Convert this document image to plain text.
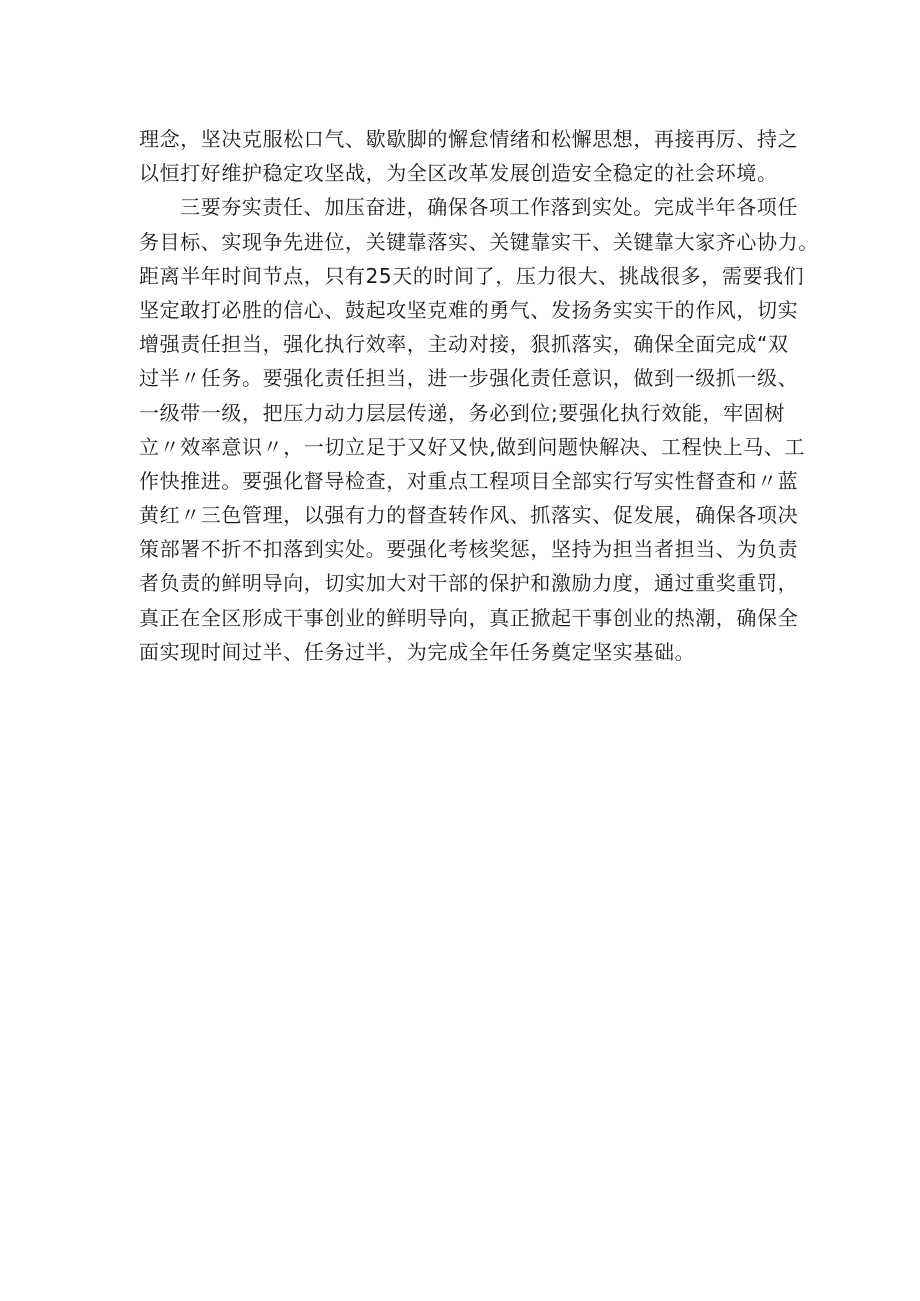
理念，坚决克服松口气、歇歇脚的懈怠情绪和松懈思想，再接再厉、持之
以恒打好维护稳定攻坚战，为全区改革发展创造安全稳定的社会环境。
三要夯实责任、加压奋进，确保各项工作落到实处。完成半年各项任
务目标、实现争先进位，关键靠落实、关键靠实干、关键靠大家齐心协力。
距离半年时间节点，只有25天的时间了，压力很大、挑战很多，需要我们
坚定敢打必胜的信心、鼓起攻坚克难的勇气、发扬务实实干的作风，切实
增强责任担当，强化执行效率，主动对接，狠抓落实，确保全面完成“双
过半〃任务。要强化责任担当，进一步强化责任意识，做到一级抓一级、
一级带一级，把压力动力层层传递，务必到位;要强化执行效能，牢固树
立〃效率意识〃，一切立足于又好又快,做到问题快解决、工程快上马、工
作快推进。要强化督导检查，对重点工程项目全部实行写实性督查和〃蓝
黄红〃三色管理，以强有力的督查转作风、抓落实、促发展，确保各项决
策部署不折不扣落到实处。要强化考核奖惩，坚持为担当者担当、为负责
者负责的鲜明导向，切实加大对干部的保护和激励力度，通过重奖重罚，
真正在全区形成干事创业的鲜明导向，真正掀起干事创业的热潮，确保全
面实现时间过半、任务过半，为完成全年任务奠定坚实基础。
